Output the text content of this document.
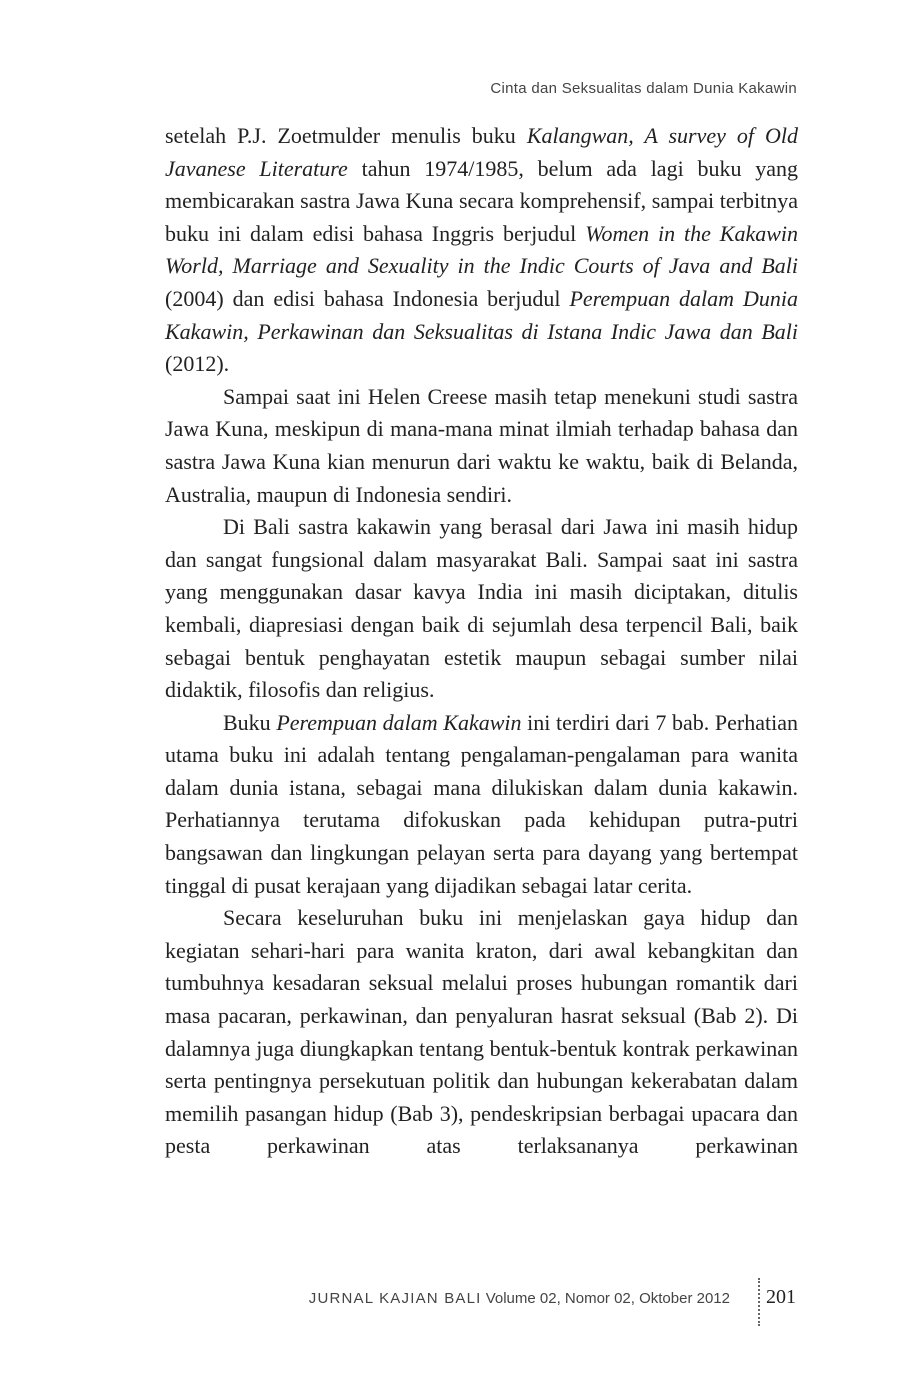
Cinta dan Seksualitas dalam Dunia Kakawin

setelah P.J. Zoetmulder menulis buku Kalangwan, A survey of Old Javanese Literature tahun 1974/1985, belum ada lagi buku yang membicarakan sastra Jawa Kuna secara komprehensif, sampai terbitnya buku ini dalam edisi bahasa Inggris berjudul Women in the Kakawin World, Marriage and Sexuality in the Indic Courts of Java and Bali (2004) dan edisi bahasa Indonesia berjudul Perempuan dalam Dunia Kakawin, Perkawinan dan Seksualitas di Istana Indic Jawa dan Bali (2012).

Sampai saat ini Helen Creese masih tetap menekuni studi sastra Jawa Kuna, meskipun di mana-mana minat ilmiah terhadap bahasa dan sastra Jawa Kuna kian menurun dari waktu ke waktu, baik di Belanda, Australia, maupun di Indonesia sendiri.

Di Bali sastra kakawin yang berasal dari Jawa ini masih hidup dan sangat fungsional dalam masyarakat Bali. Sampai saat ini sastra yang menggunakan dasar kavya India ini masih diciptakan, ditulis kembali, diapresiasi dengan baik di sejumlah desa terpencil Bali, baik sebagai bentuk penghayatan estetik maupun sebagai sumber nilai didaktik, filosofis dan religius.

Buku Perempuan dalam Kakawin ini terdiri dari 7 bab. Perhatian utama buku ini adalah tentang pengalaman-pengalaman para wanita dalam dunia istana, sebagai mana dilukiskan dalam dunia kakawin. Perhatiannya terutama difokuskan pada kehidupan putra-putri bangsawan dan lingkungan pelayan serta para dayang yang bertempat tinggal di pusat kerajaan yang dijadikan sebagai latar cerita.

Secara keseluruhan buku ini menjelaskan gaya hidup dan kegiatan sehari-hari para wanita kraton, dari awal kebangkitan dan tumbuhnya kesadaran seksual melalui proses hubungan romantik dari masa pacaran, perkawinan, dan penyaluran hasrat seksual (Bab 2). Di dalamnya juga diungkapkan tentang bentuk-bentuk kontrak perkawinan serta pentingnya persekutuan politik dan hubungan kekerabatan dalam memilih pasangan hidup (Bab 3), pendeskripsian berbagai upacara dan pesta perkawinan atas terlaksananya perkawinan

JURNAL KAJIAN BALI Volume 02, Nomor 02, Oktober 2012 201
